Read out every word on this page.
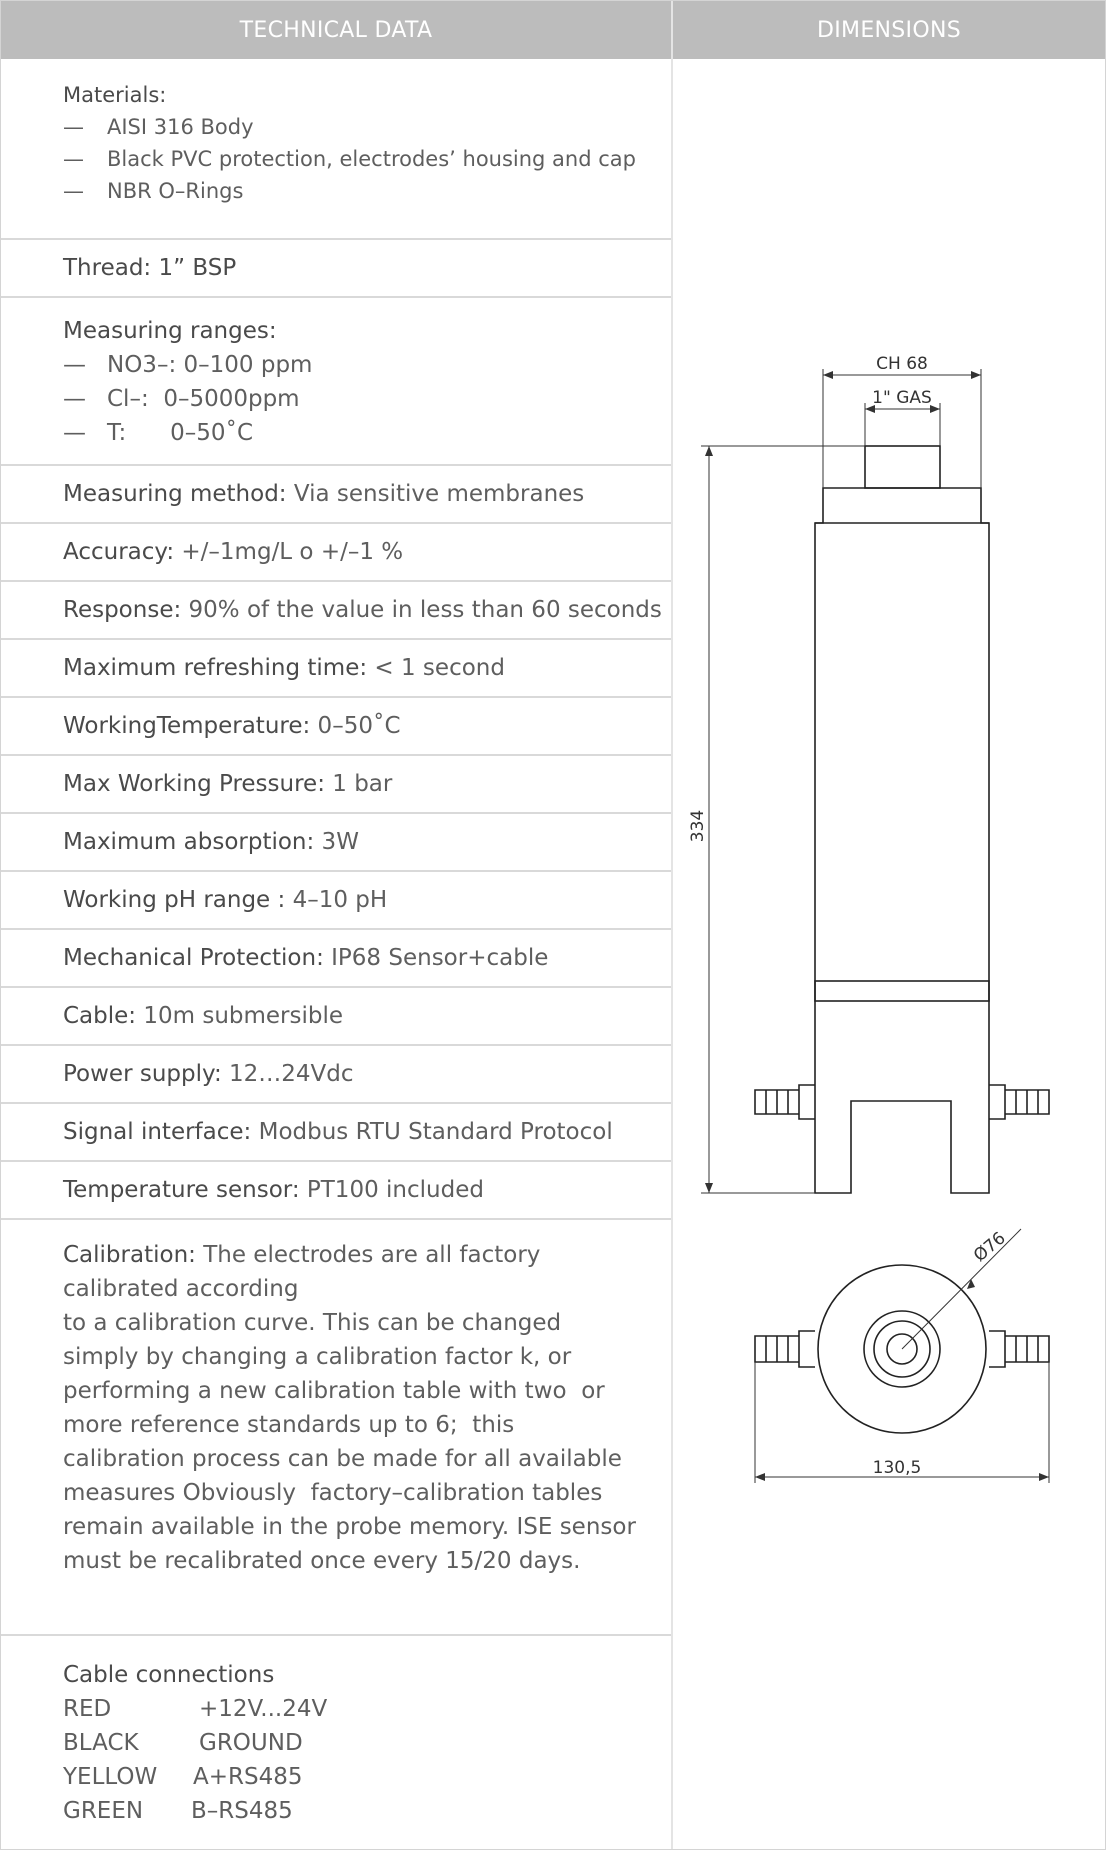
TECHNICAL DATA	DIMENSIONS
Materials:
— AISI 316 Body
— Black PVC protection, electrodes’ housing and cap
— NBR O–Rings
Thread: 1” BSP
Measuring ranges:
— NO3–: 0–100 ppm
— Cl–:  0–5000ppm
— T:      0–50˚C
Measuring method: Via sensitive membranes
Accuracy: +/–1mg/L o +/–1 %
Response: 90% of the value in less than 60 seconds
Maximum refreshing time: < 1 second
WorkingTemperature: 0–50˚C
Max Working Pressure: 1 bar
Maximum absorption: 3W
Working pH range : 4–10 pH
Mechanical Protection: IP68 Sensor+cable
Cable: 10m submersible
Power supply: 12…24Vdc
Signal interface: Modbus RTU Standard Protocol
Temperature sensor: PT100 included
Calibration: The electrodes are all factory
calibrated according
to a calibration curve. This can be changed
simply by changing a calibration factor k, or
performing a new calibration table with two  or
more reference standards up to 6;  this
calibration process can be made for all available
measures Obviously  factory–calibration tables
remain available in the probe memory. ISE sensor
must be recalibrated once every 15/20 days.
Cable connections
RED	+12V...24V
BLACK	GROUND
YELLOW A+RS485
GREEN B–RS485
CH 68
1" GAS
334
Ø76
130,5
